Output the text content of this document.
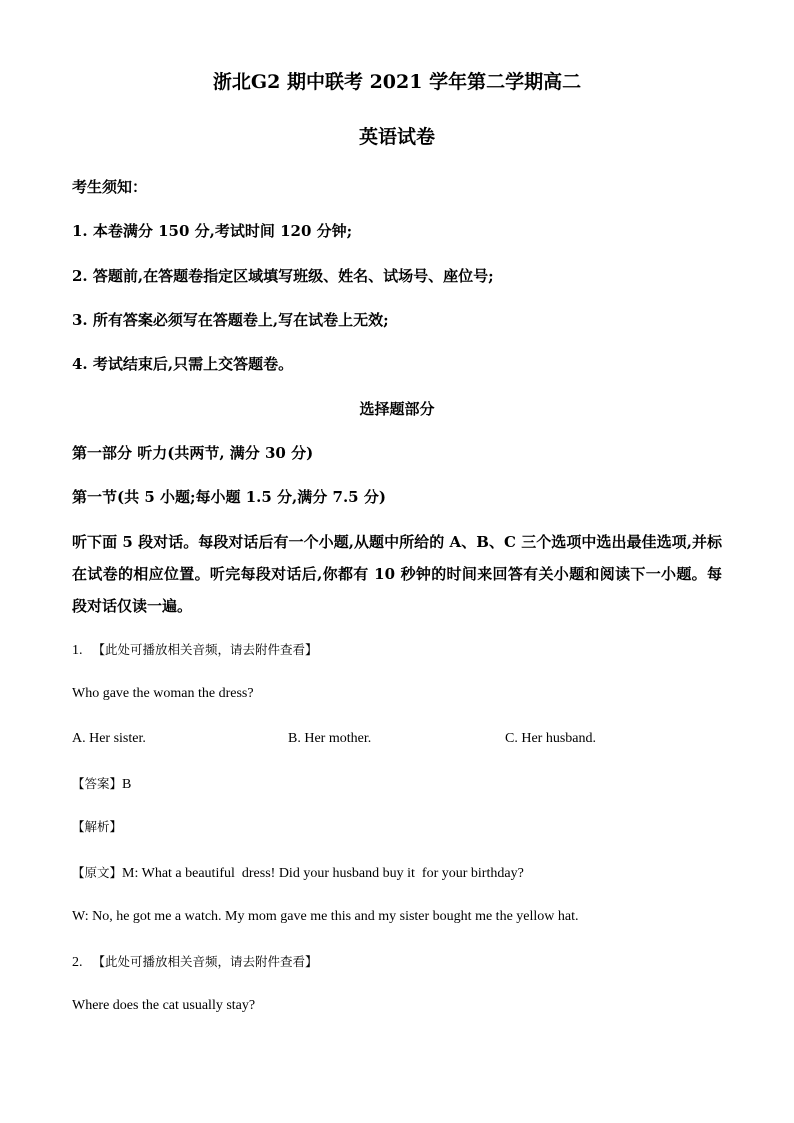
浙北G2 期中联考 2021 学年第二学期高二
英语试卷
考生须知：
1. 本卷满分 150 分,考试时间 120 分钟;
2. 答题前,在答题卷指定区域填写班级、姓名、试场号、座位号;
3. 所有答案必须写在答题卷上,写在试卷上无效;
4. 考试结束后,只需上交答题卷。
选择题部分
第一部分 听力(共两节, 满分 30 分)
第一节(共 5 小题;每小题 1.5 分,满分 7.5 分)
听下面 5 段对话。每段对话后有一个小题,从题中所给的 A、B、C 三个选项中选出最佳选项,并标在试卷的相应位置。听完每段对话后,你都有 10 秒钟的时间来回答有关小题和阅读下一小题。每段对话仅读一遍。
1. 【此处可播放相关音频，请去附件查看】
Who gave the woman the dress?
A. Her sister.	B. Her mother.	C. Her husband.
【答案】B
【解析】
【原文】M: What a beautiful  dress! Did your husband buy it  for your birthday?
W: No, he got me a watch. My mom gave me this and my sister bought me the yellow hat.
2. 【此处可播放相关音频，请去附件查看】
Where does the cat usually stay?
